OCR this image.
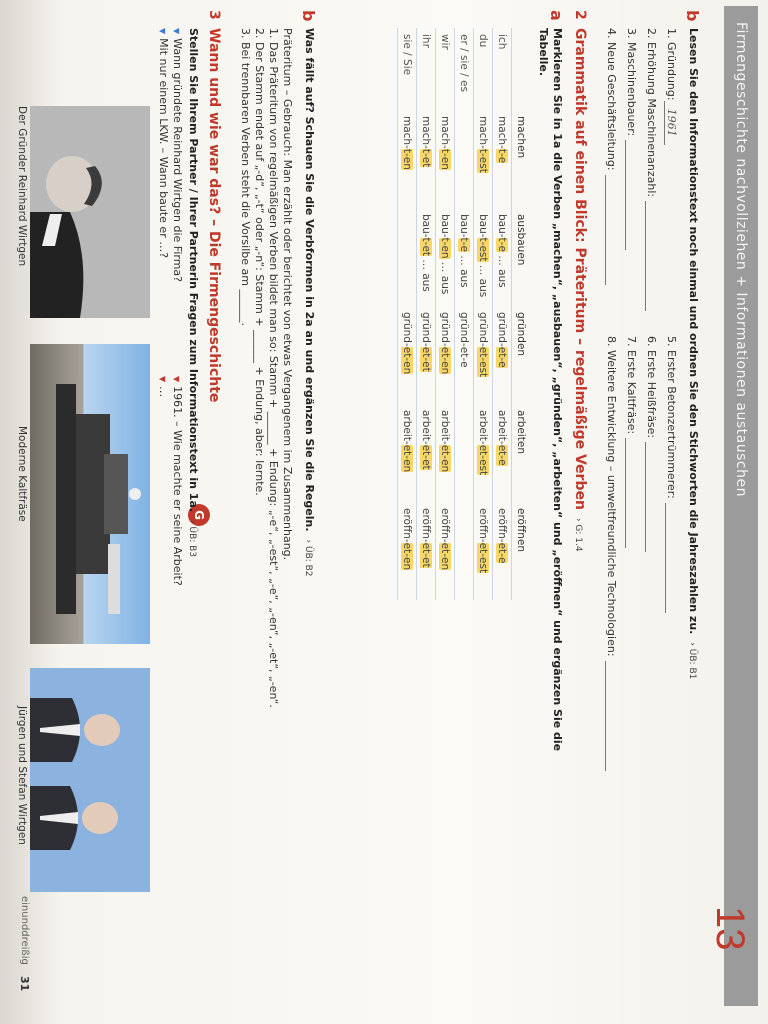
Firmengeschichte nachvollziehen + Informationen austauschen
13
b
Lesen Sie den Informationstext noch einmal und ordnen Sie den Stichworten die Jahreszahlen zu.› ÜB: B1
1. Gründung:1961
2. Erhöhung Maschinenanzahl:
3. Maschinenbauer:
4. Neue Geschäftsleitung:
5. Erster Betonzertrümmerer:
6. Erste Heißfräse:
7. Erste Kaltfräse:
8. Weitere Entwicklung – umweltfreundliche Technologien:
2
Grammatik auf einen Blick: Präteritum – regelmäßige Verben› G: 1.4
a
Markieren Sie in 1a die Verben „machen“, „ausbauen“, „gründen“, „arbeiten“ und „eröffnen“ und ergänzen Sie die
Tabelle.
	machen	ausbauen	gründen	arbeiten	eröffnen
ich	mach-t-e	bau-t-e … aus	gründ-et-e	arbeit-et-e	eröffn-et-e
du	mach-t-est	bau-t-est … aus	gründ-et-est	arbeit-et-est	eröffn-et-est
er / sie / es		bau-t-e … aus	gründ-et-e		
wir	mach-t-en	bau-t-en … aus	gründ-et-en	arbeit-et-en	eröffn-et-en
ihr	mach-t-et	bau-t-et … aus	gründ-et-et	arbeit-et-et	eröffn-et-et
sie / Sie	mach-t-en		gründ-et-en	arbeit-et-en	eröffn-et-en
b
Was fällt auf? Schauen Sie die Verbformen in 2a an und ergänzen Sie die Regeln.› ÜB: B2
Präteritum – Gebrauch: Man erzählt oder berichtet von etwas Vergangenem im Zusammenhang.
1. Das Präteritum von regelmäßigen Verben bildet man so: Stamm + ______ + Endung: „-e“, „-est“, „-e“, „-en“, „-et“, „-en“.
2. Der Stamm endet auf „-d“, „-t“ oder „-n“: Stamm + ______ + Endung, aber: lernte.
3. Bei trennbaren Verben steht die Vorsilbe am ______.
G
3
Wann und wie war das? – Die Firmengeschichte
Stellen Sie Ihrem Partner / Ihrer Partnerin Fragen zum Informationstext in 1a.› ÜB: B3
▼Wann gründete Reinhard Wirtgen die Firma?
▼Mit nur einem LKW. – Wann baute er …?
▼1961. – Wie machte er seine Arbeit?
▼…
Der Gründer Reinhard Wirtgen
Moderne Kaltfräse
Jürgen und Stefan Wirtgen
einunddreißig
31
